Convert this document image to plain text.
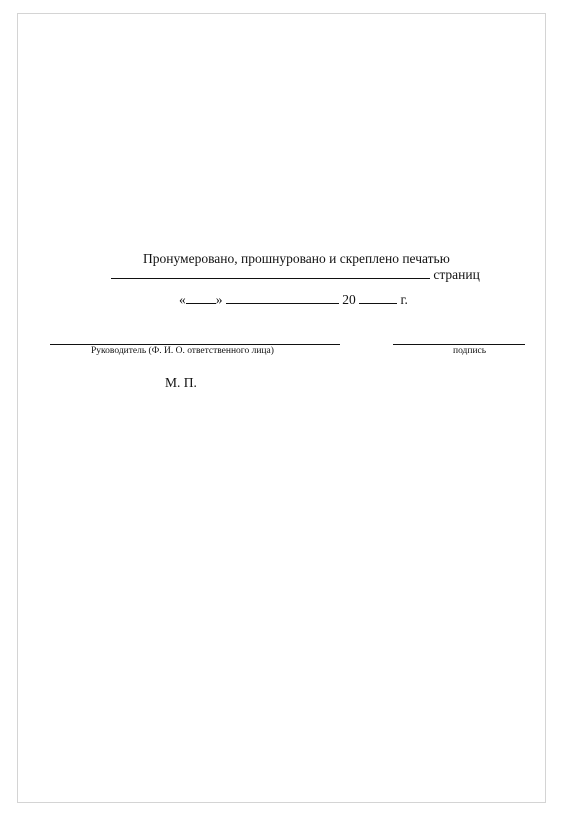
Пронумеровано, прошнуровано и скреплено печатью
страниц
« »	20	г.
Руководитель (Ф. И. О. ответственного лица)	подпись
М. П.
